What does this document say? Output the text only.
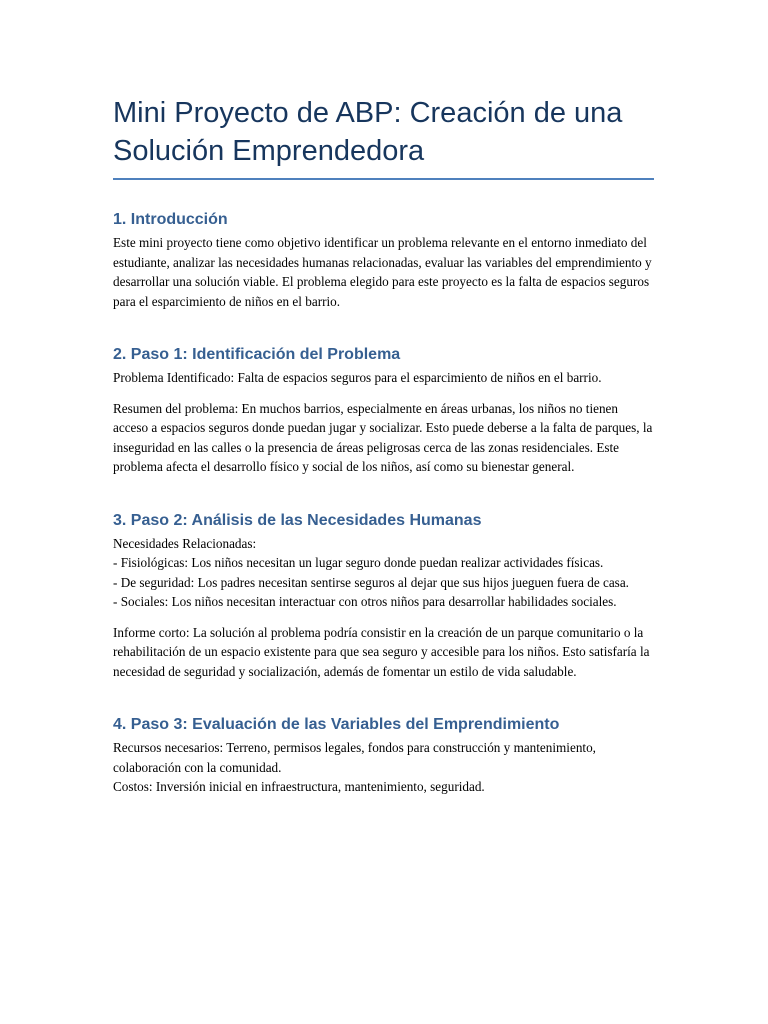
Mini Proyecto de ABP: Creación de una Solución Emprendedora
1. Introducción

Este mini proyecto tiene como objetivo identificar un problema relevante en el entorno inmediato del estudiante, analizar las necesidades humanas relacionadas, evaluar las variables del emprendimiento y desarrollar una solución viable. El problema elegido para este proyecto es la falta de espacios seguros para el esparcimiento de niños en el barrio.

2. Paso 1: Identificación del Problema

Problema Identificado: Falta de espacios seguros para el esparcimiento de niños en el barrio.

Resumen del problema: En muchos barrios, especialmente en áreas urbanas, los niños no tienen acceso a espacios seguros donde puedan jugar y socializar. Esto puede deberse a la falta de parques, la inseguridad en las calles o la presencia de áreas peligrosas cerca de las zonas residenciales. Este problema afecta el desarrollo físico y social de los niños, así como su bienestar general.

3. Paso 2: Análisis de las Necesidades Humanas

Necesidades Relacionadas:
- Fisiológicas: Los niños necesitan un lugar seguro donde puedan realizar actividades físicas.
- De seguridad: Los padres necesitan sentirse seguros al dejar que sus hijos jueguen fuera de casa.
- Sociales: Los niños necesitan interactuar con otros niños para desarrollar habilidades sociales.

Informe corto: La solución al problema podría consistir en la creación de un parque comunitario o la rehabilitación de un espacio existente para que sea seguro y accesible para los niños. Esto satisfaría la necesidad de seguridad y socialización, además de fomentar un estilo de vida saludable.

4. Paso 3: Evaluación de las Variables del Emprendimiento

Recursos necesarios: Terreno, permisos legales, fondos para construcción y mantenimiento, colaboración con la comunidad.
Costos: Inversión inicial en infraestructura, mantenimiento, seguridad.
